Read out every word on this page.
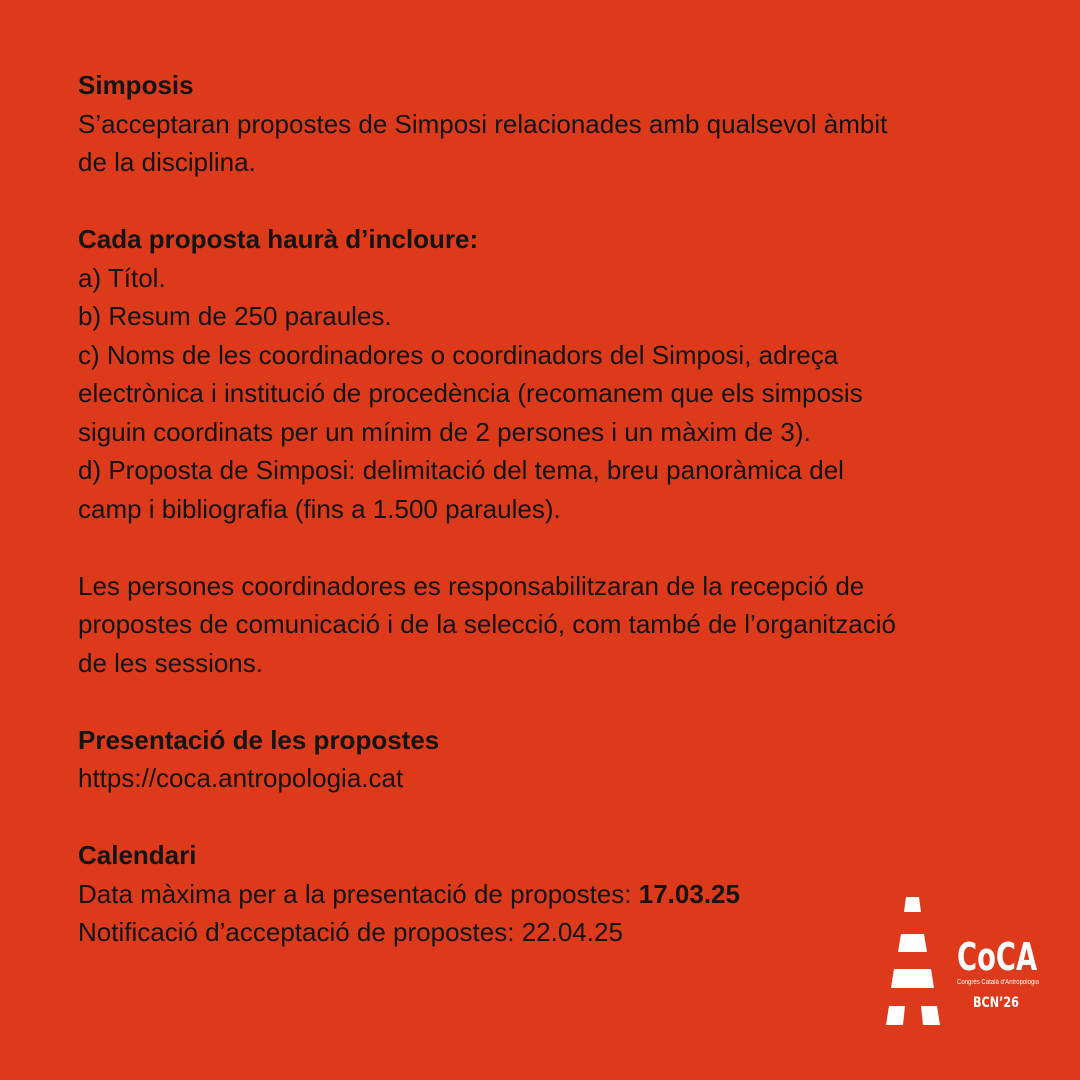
Simposis

S’acceptaran propostes de Simposi relacionades amb qualsevol àmbit

de la disciplina.

Cada proposta haurà d’incloure:

a) Títol.

b) Resum de 250 paraules.

c) Noms de les coordinadores o coordinadors del Simposi, adreça

electrònica i institució de procedència (recomanem que els simposis

siguin coordinats per un mínim de 2 persones i un màxim de 3).

d) Proposta de Simposi: delimitació del tema, breu panoràmica del

camp i bibliografia (fins a 1.500 paraules).

Les persones coordinadores es responsabilitzaran de la recepció de

propostes de comunicació i de la selecció, com també de l’organització

de les sessions.

Presentació de les propostes

https://coca.antropologia.cat

Calendari

Data màxima per a la presentació de propostes: 17.03.25

Notificació d’acceptació de propostes: 22.04.25

CoCA
Congrés Català d’Antropologia
BCN’26
